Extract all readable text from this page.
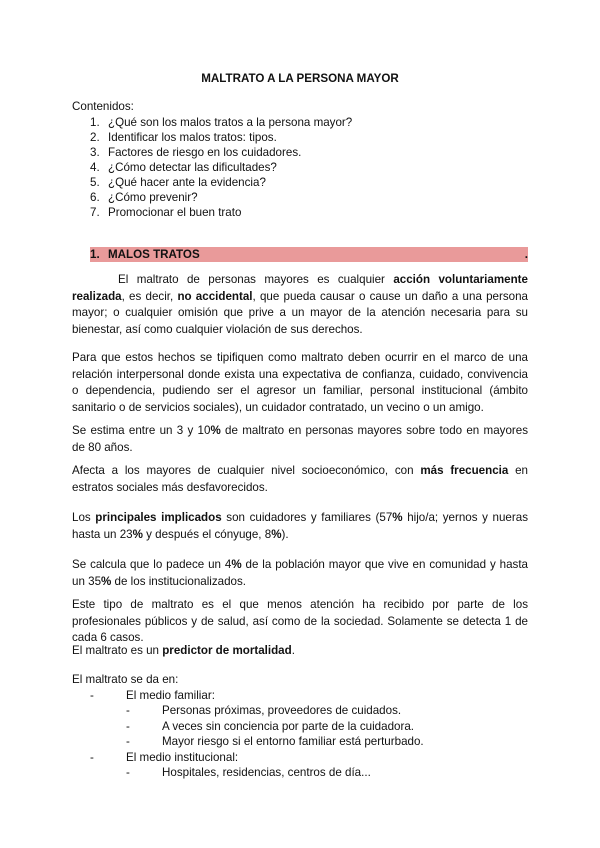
MALTRATO A LA PERSONA MAYOR
Contenidos:
1. ¿Qué son los malos tratos a la persona mayor?
2. Identificar los malos tratos: tipos.
3. Factores de riesgo en los cuidadores.
4. ¿Cómo detectar las dificultades?
5. ¿Qué hacer ante la evidencia?
6. ¿Cómo prevenir?
7. Promocionar el buen trato
1. MALOS TRATOS	.

El maltrato de personas mayores es cualquier acción voluntariamente realizada, es decir, no accidental, que pueda causar o cause un daño a una persona mayor; o cualquier omisión que prive a un mayor de la atención necesaria para su bienestar, así como cualquier violación de sus derechos.

Para que estos hechos se tipifiquen como maltrato deben ocurrir en el marco de una relación interpersonal donde exista una expectativa de confianza, cuidado, convivencia o dependencia, pudiendo ser el agresor un familiar, personal institucional (ámbito sanitario o de servicios sociales), un cuidador contratado, un vecino o un amigo.

Se estima entre un 3 y 10% de maltrato en personas mayores sobre todo en mayores de 80 años.

Afecta a los mayores de cualquier nivel socioeconómico, con más frecuencia en estratos sociales más desfavorecidos.

Los principales implicados son cuidadores y familiares (57% hijo/a; yernos y nueras hasta un 23% y después el cónyuge, 8%).

Se calcula que lo padece un 4% de la población mayor que vive en comunidad y hasta un 35% de los institucionalizados.

Este tipo de maltrato es el que menos atención ha recibido por parte de los profesionales públicos y de salud, así como de la sociedad. Solamente se detecta 1 de cada 6 casos.

El maltrato es un predictor de mortalidad.

El maltrato se da en:
-	El medio familiar:
-	Personas próximas, proveedores de cuidados.
-	A veces sin conciencia por parte de la cuidadora.
-	Mayor riesgo si el entorno familiar está perturbado.
-	El medio institucional:
-	Hospitales, residencias, centros de día...
